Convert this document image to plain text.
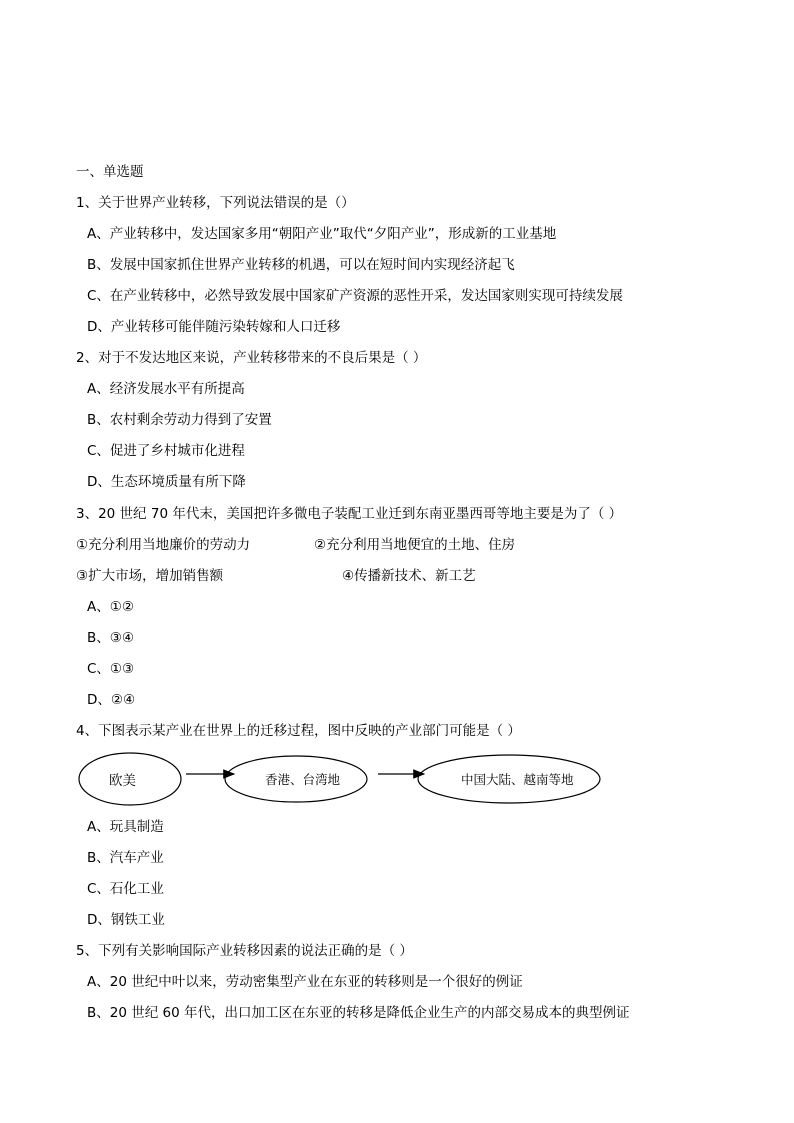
一、单选题
1、关于世界产业转移，下列说法错误的是（）
A、产业转移中，发达国家多用“朝阳产业”取代“夕阳产业”，形成新的工业基地
B、发展中国家抓住世界产业转移的机遇，可以在短时间内实现经济起飞
C、在产业转移中，必然导致发展中国家矿产资源的恶性开采，发达国家则实现可持续发展
D、产业转移可能伴随污染转嫁和人口迁移
2、对于不发达地区来说，产业转移带来的不良后果是（ ）
A、经济发展水平有所提高
B、农村剩余劳动力得到了安置
C、促进了乡村城市化进程
D、生态环境质量有所下降
3、20 世纪 70 年代末，美国把许多微电子装配工业迁到东南亚墨西哥等地主要是为了（ ）
①充分利用当地廉价的劳动力	②充分利用当地便宜的土地、住房
③扩大市场，增加销售额	④传播新技术、新工艺
A、①②
B、③④
C、①③
D、②④
4、下图表示某产业在世界上的迁移过程，图中反映的产业部门可能是（ ）
欧美	香港、台湾地	中国大陆、越南等地
A、玩具制造
B、汽车产业
C、石化工业
D、钢铁工业
5、下列有关影响国际产业转移因素的说法正确的是（ ）
A、20 世纪中叶以来，劳动密集型产业在东亚的转移则是一个很好的例证
B、20 世纪 60 年代，出口加工区在东亚的转移是降低企业生产的内部交易成本的典型例证
